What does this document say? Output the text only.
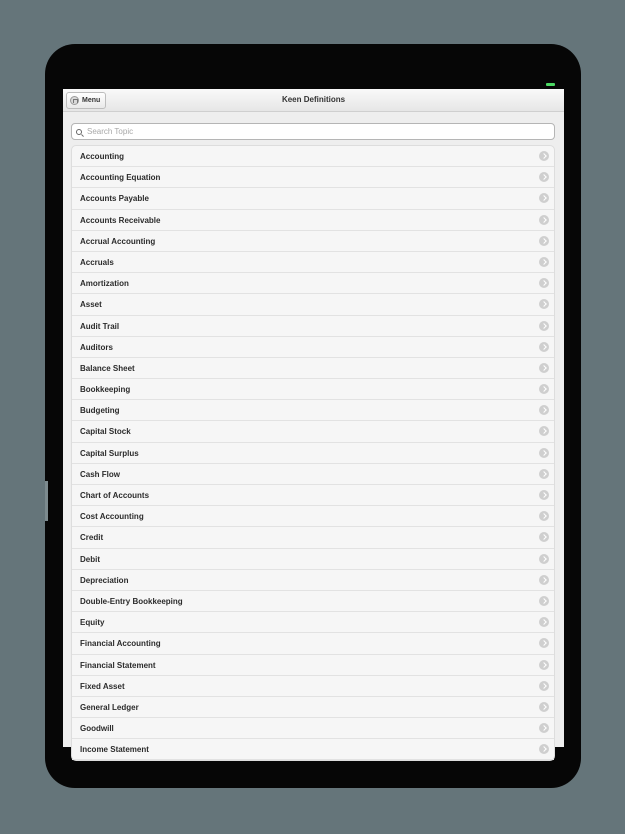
Menu	Keen Definitions
Search Topic
Accounting
Accounting Equation
Accounts Payable
Accounts Receivable
Accrual Accounting
Accruals
Amortization
Asset
Audit Trail
Auditors
Balance Sheet
Bookkeeping
Budgeting
Capital Stock
Capital Surplus
Cash Flow
Chart of Accounts
Cost Accounting
Credit
Debit
Depreciation
Double-Entry Bookkeeping
Equity
Financial Accounting
Financial Statement
Fixed Asset
General Ledger
Goodwill
Income Statement
